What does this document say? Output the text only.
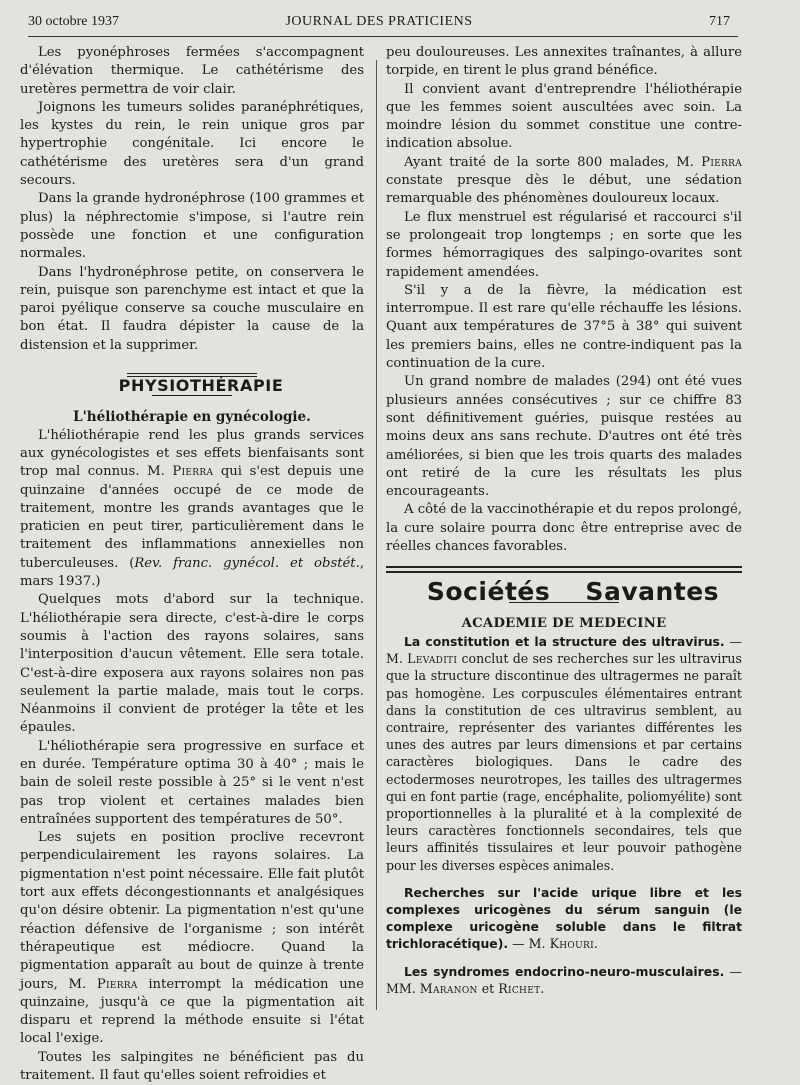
30 octobre 1937	JOURNAL DES PRATICIENS	717

Les pyonéphroses fermées s'accompagnent d'élévation thermique. Le cathétérisme des uretères permettra de voir clair.

Joignons les tumeurs solides paranéphrétiques, les kystes du rein, le rein unique gros par hypertrophie congénitale. Ici encore le cathétérisme des uretères sera d'un grand secours.

Dans la grande hydronéphrose (100 grammes et plus) la néphrectomie s'impose, si l'autre rein possède une fonction et une configuration normales.

Dans l'hydronéphrose petite, on conservera le rein, puisque son parenchyme est intact et que la paroi pyélique conserve sa couche musculaire en bon état. Il faudra dépister la cause de la distension et la supprimer.

PHYSIOTHÉRAPIE

L'héliothérapie en gynécologie.

L'héliothérapie rend les plus grands services aux gynécologistes et ses effets bienfaisants sont trop mal connus. M. Pierra qui s'est depuis une quinzaine d'années occupé de ce mode de traitement, montre les grands avantages que le praticien en peut tirer, particulièrement dans le traitement des inflammations annexielles non tuberculeuses. (Rev. franc. gynécol. et obstét., mars 1937.)

Quelques mots d'abord sur la technique. L'héliothérapie sera directe, c'est-à-dire le corps soumis à l'action des rayons solaires, sans l'interposition d'aucun vêtement. Elle sera totale. C'est-à-dire exposera aux rayons solaires non pas seulement la partie malade, mais tout le corps. Néanmoins il convient de protéger la tête et les épaules.

L'héliothérapie sera progressive en surface et en durée. Température optima 30 à 40° ; mais le bain de soleil reste possible à 25° si le vent n'est pas trop violent et certaines malades bien entraînées supportent des températures de 50°.

Les sujets en position proclive recevront perpendiculairement les rayons solaires. La pigmentation n'est point nécessaire. Elle fait plutôt tort aux effets décongestionnants et analgésiques qu'on désire obtenir. La pigmentation n'est qu'une réaction défensive de l'organisme ; son intérêt thérapeutique est médiocre. Quand la pigmentation apparaît au bout de quinze à trente jours, M. Pierra interrompt la médication une quinzaine, jusqu'à ce que la pigmentation ait disparu et reprend la méthode ensuite si l'état local l'exige.

Toutes les salpingites ne bénéficient pas du traitement. Il faut qu'elles soient refroidies et

peu douloureuses. Les annexites traînantes, à allure torpide, en tirent le plus grand bénéfice.

Il convient avant d'entreprendre l'héliothérapie que les femmes soient auscultées avec soin. La moindre lésion du sommet constitue une contre-indication absolue.

Ayant traité de la sorte 800 malades, M. Pierra constate presque dès le début, une sédation remarquable des phénomènes douloureux locaux.

Le flux menstruel est régularisé et raccourci s'il se prolongeait trop longtemps ; en sorte que les formes hémorragiques des salpingo-ovarites sont rapidement amendées.

S'il y a de la fièvre, la médication est interrompue. Il est rare qu'elle réchauffe les lésions. Quant aux températures de 37°5 à 38° qui suivent les premiers bains, elles ne contre-indiquent pas la continuation de la cure.

Un grand nombre de malades (294) ont été vues plusieurs années consécutives ; sur ce chiffre 83 sont définitivement guéries, puisque restées au moins deux ans sans rechute. D'autres ont été très améliorées, si bien que les trois quarts des malades ont retiré de la cure les résultats les plus encourageants.

A côté de la vaccinothérapie et du repos prolongé, la cure solaire pourra donc être entreprise avec de réelles chances favorables.

Sociétés Savantes

ACADEMIE DE MEDECINE

La constitution et la structure des ultravirus. — M. Levaditi conclut de ses recherches sur les ultravirus que la structure discontinue des ultragermes ne paraît pas homogène. Les corpuscules élémentaires entrant dans la constitution de ces ultravirus semblent, au contraire, représenter des variantes différentes les unes des autres par leurs dimensions et par certains caractères biologiques. Dans le cadre des ectodermoses neurotropes, les tailles des ultragermes qui en font partie (rage, encéphalite, poliomyélite) sont proportionnelles à la pluralité et à la complexité de leurs caractères fonctionnels secondaires, tels que leurs affinités tissulaires et leur pouvoir pathogène pour les diverses espèces animales.

Recherches sur l'acide urique libre et les complexes uricogènes du sérum sanguin (le complexe uricogène soluble dans le filtrat trichloracétique). — M. Khouri.

Les syndromes endocrino-neuro-musculaires. — MM. Maranon et Richet.
